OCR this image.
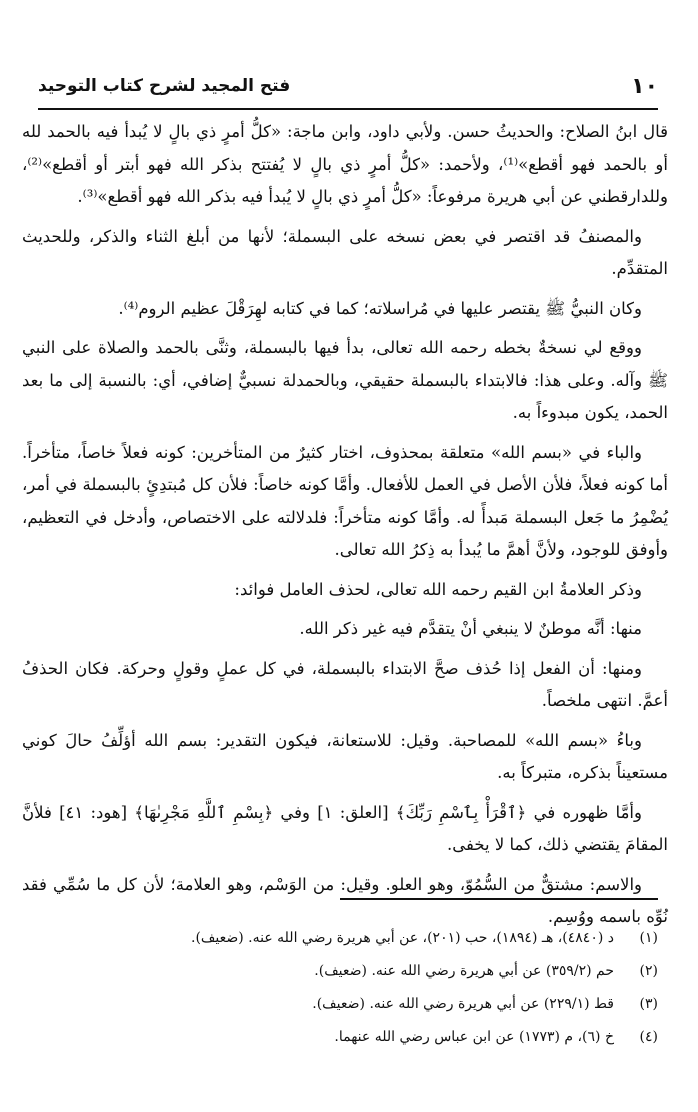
١٠
فتح المجيد لشرح كتاب التوحيد

قال ابنُ الصلاح: والحديثُ حسن. ولأبي داود، وابن ماجة: «كلُّ أمرٍ ذي بالٍ لا يُبدأ فيه بالحمد لله أو بالحمد فهو أقطع»⁽¹⁾، ولأحمد: «كلُّ أمرٍ ذي بالٍ لا يُفتتح بذكر الله فهو أبتر أو أقطع»⁽²⁾، وللدارقطني عن أبي هريرة مرفوعاً: «كلُّ أمرٍ ذي بالٍ لا يُبدأ فيه بذكر الله فهو أقطع»⁽³⁾.

والمصنفُ قد اقتصر في بعض نسخه على البسملة؛ لأنها من أبلغ الثناء والذكر، وللحديث المتقدِّم.

وكان النبيُّ ﷺ يقتصر عليها في مُراسلاته؛ كما في كتابه لهِرَقْلَ عظيم الروم⁽⁴⁾.

ووقع لي نسخةٌ بخطه رحمه الله تعالى، بدأ فيها بالبسملة، وثنَّى بالحمد والصلاة على النبي ﷺ وآله. وعلى هذا: فالابتداء بالبسملة حقيقي، وبالحمدلة نسبيٌّ إضافي، أي: بالنسبة إلى ما بعد الحمد، يكون مبدوءاً به.

والباء في «بسم الله» متعلقة بمحذوف، اختار كثيرٌ من المتأخرين: كونه فعلاً خاصاً، متأخراً. أما كونه فعلاً، فلأن الأصل في العمل للأفعال. وأمَّا كونه خاصاً: فلأن كل مُبتدِئٍ بالبسملة في أمر، يُضْمِرُ ما جَعل البسملة مَبدأً له. وأمَّا كونه متأخراً: فلدلالته على الاختصاص، وأدخل في التعظيم، وأوفق للوجود، ولأنَّ أهمَّ ما يُبدأ به ذِكرُ الله تعالى.

وذكر العلامةُ ابن القيم رحمه الله تعالى، لحذف العامل فوائد:

منها: أنَّه موطنٌ لا ينبغي أنْ يتقدَّم فيه غير ذكر الله.

ومنها: أن الفعل إذا حُذف صحَّ الابتداء بالبسملة، في كل عملٍ وقولٍ وحركة. فكان الحذفُ أعمَّ. انتهى ملخصاً.

وباءُ «بسم الله» للمصاحبة. وقيل: للاستعانة، فيكون التقدير: بسم الله أؤلِّفُ حالَ كوني مستعيناً بذكره، متبركاً به.

وأمَّا ظهوره في ﴿ٱقْرَأْ بِٱسْمِ رَبِّكَ﴾ [العلق: ١] وفي ﴿بِسْمِ ٱللَّهِ مَجْرِىٰهَا﴾ [هود: ٤١] فلأنَّ المقامَ يقتضي ذلك، كما لا يخفى.

والاسم: مشتقٌّ من السُّمُوّ، وهو العلو. وقيل: من الوَسْم، وهو العلامة؛ لأن كل ما سُمِّي فقد نُوِّه باسمه ووُسِم.

(١)
د (٤٨٤٠)، هـ (١٨٩٤)، حب (٢٠١)، عن أبي هريرة رضي الله عنه. (ضعيف).
(٢)
حم (٣٥٩/٢) عن أبي هريرة رضي الله عنه. (ضعيف).
(٣)
قط (٢٢٩/١) عن أبي هريرة رضي الله عنه. (ضعيف).
(٤)
خ (٦)، م (١٧٧٣) عن ابن عباس رضي الله عنهما.
